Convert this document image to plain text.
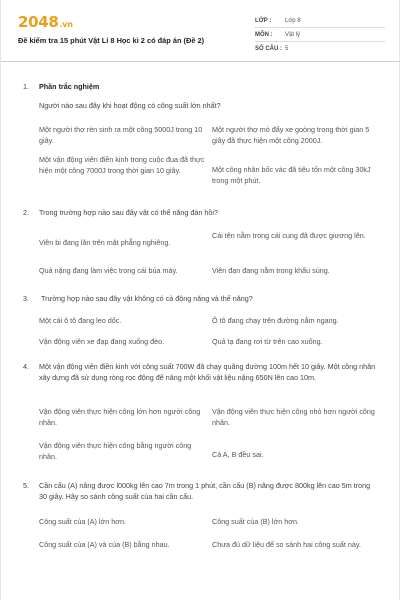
2048.vn
Đề kiểm tra 15 phút Vật Lí 8 Học kì 2 có đáp án (Đề 2)
LỚP :	Lớp 8
MÔN :	Vật lý
SỐ CÂU : 5
1. Phần trắc nghiệm
Người nào sau đây khi hoạt động có công suất lớn nhất?
Một người thợ rèn sinh ra một công 5000J trong 10 giây.
Một người thợ mỏ đẩy xe goòng trong thời gian 5 giây đã thực hiện một công 2000J.
Một vận động viên điền kinh trong cuộc đua đã thực hiện một công 7000J trong thời gian 10 giây.	Một công nhân bốc vác đã tiêu tốn một công 30kJ trong một phút.
2. Trong trường hợp nào sau đây vật có thế năng đàn hồi?
Viên bi đang lăn trên mặt phẳng nghiêng.
Cái tên nằm trong cái cung đã được giương lên.
Quả nặng đang làm việc trong cái búa máy.	Viên đạn đang nằm trong khẩu súng.
3. Trường hợp nào sau đây vật không có cả động năng và thế năng?
Một cái ô tô đang leo dốc.	Ô tô đang chạy trên đường nằm ngang.
Vận động viên xe đạp đang xuống đèo.	Quả tạ đang rơi từ trên cao xuống.
4. Một vận động viên điền kinh với công suất 700W đã chạy quãng đường 100m hết 10 giây. Một công nhân xây dựng đã sử dụng ròng rọc động để nâng một khối vật liệu nặng 650N lên cao 10m.
Vận động viên thực hiện công lớn hơn người công nhân.
Vận động viên thực hiện công nhỏ hơn người công nhân.
Vận động viên thực hiện công bằng người công nhân.	Cả A, B đều sai.
5. Cần cẩu (A) nâng được l000kg lên cao 7m trong 1 phút, cần cẩu (B) nâng được 800kg lên cao 5m trong 30 giây. Hãy so sánh công suất của hai cần cẩu.
Công suất của (A) lớn hơn.	Công suất của (B) lớn hơn.
Công suất của (A) và của (B) bằng nhau.	Chưa đủ dữ liệu để so sánh hai công suất này.
